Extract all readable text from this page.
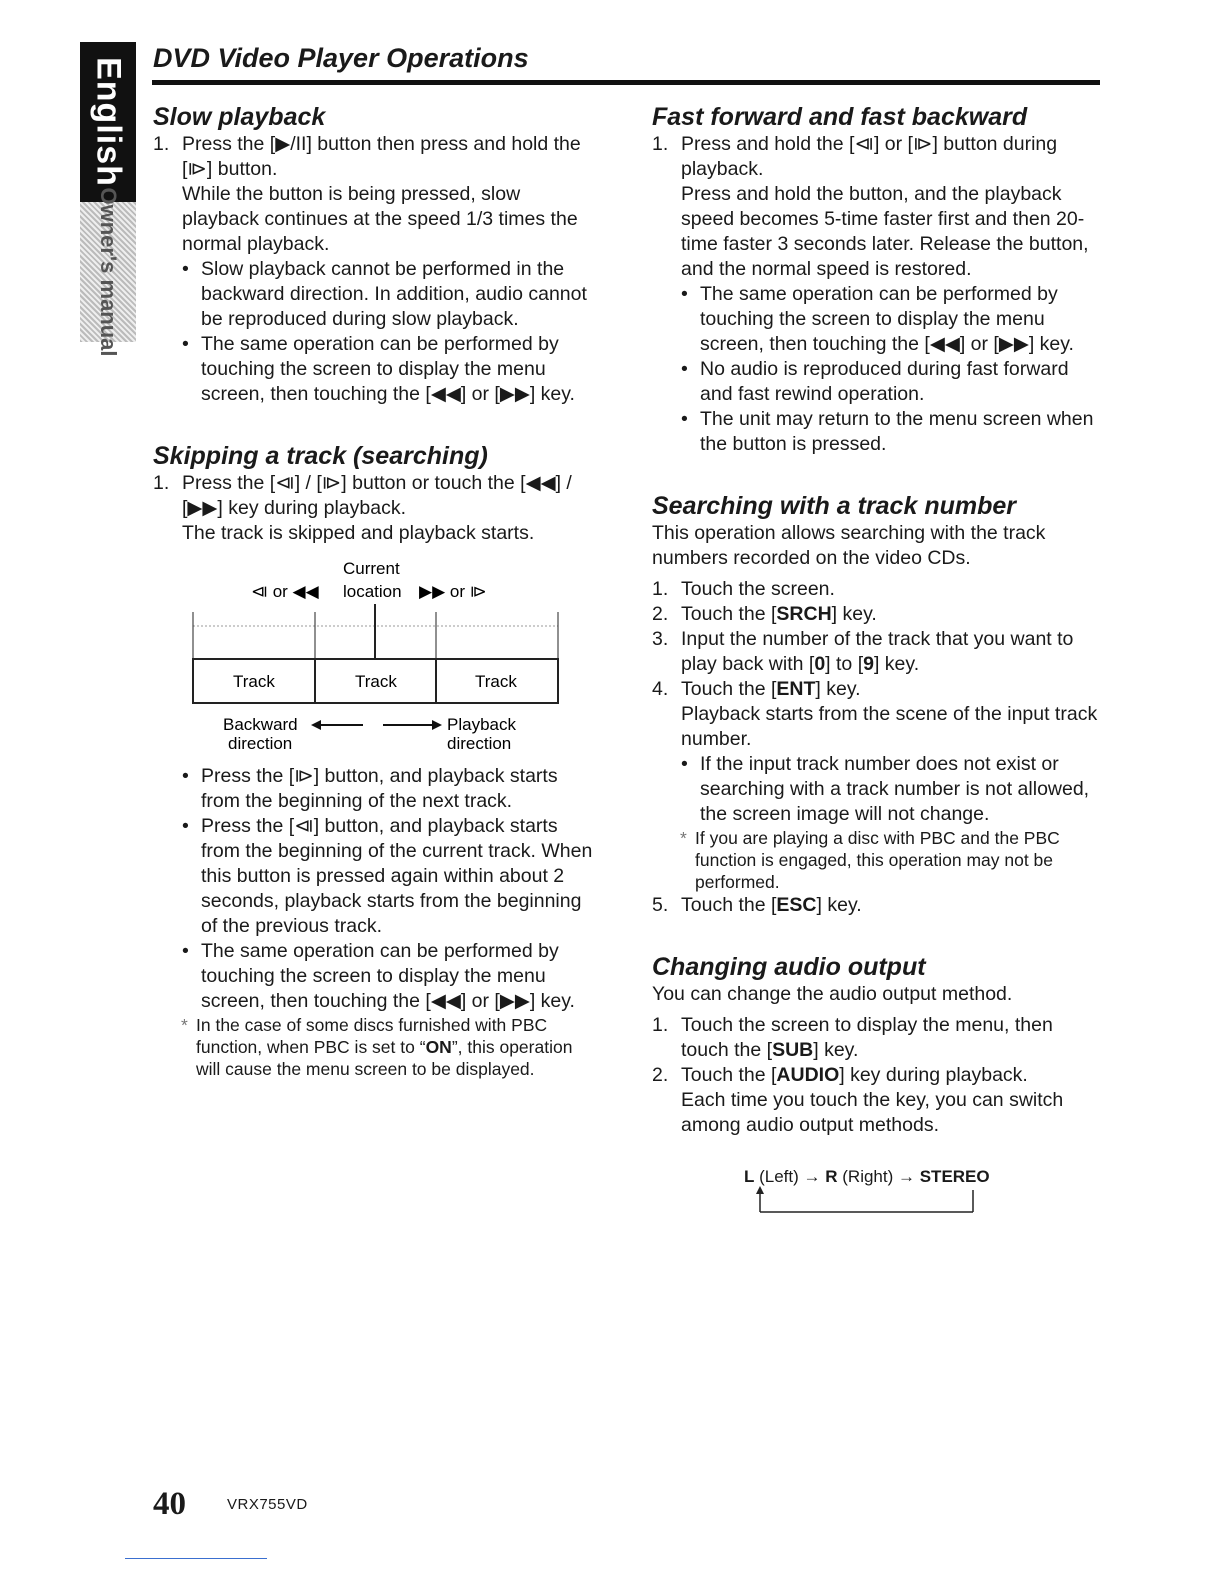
English
Owner's manual
DVD Video Player Operations

Slow playback

1. Press the [▶/II] button then press and hold the [⧐] button.

While the button is being pressed, slow playback continues at the speed 1/3 times the normal playback.

• Slow playback cannot be performed in the backward direction. In addition, audio cannot be reproduced during slow playback.

• The same operation can be performed by touching the screen to display the menu screen, then touching the [◀◀] or [▶▶] key.

Skipping a track (searching)

1. Press the [⧏] / [⧐] button or touch the [◀◀] / [▶▶] key during playback.

The track is skipped and playback starts.

Current
⧏ or ◀◀ location ▶▶ or ⧐
Track	Track	Track
Backward	Playback
direction	direction

• Press the [⧐] button, and playback starts from the beginning of the next track.

• Press the [⧏] button, and playback starts from the beginning of the current track. When this button is pressed again within about 2 seconds, playback starts from the beginning of the previous track.

• The same operation can be performed by touching the screen to display the menu screen, then touching the [◀◀] or [▶▶] key.

* In the case of some discs furnished with PBC function, when PBC is set to “ON”, this operation will cause the menu screen to be displayed.

Fast forward and fast backward

1. Press and hold the [⧏] or [⧐] button during playback.

Press and hold the button, and the playback speed becomes 5-time faster first and then 20-time faster 3 seconds later. Release the button, and the normal speed is restored.

• The same operation can be performed by touching the screen to display the menu screen, then touching the [◀◀] or [▶▶] key.

• No audio is reproduced during fast forward and fast rewind operation.

• The unit may return to the menu screen when the button is pressed.

Searching with a track number

This operation allows searching with the track numbers recorded on the video CDs.

1. Touch the screen.

2. Touch the [SRCH] key.

3. Input the number of the track that you want to play back with [0] to [9] key.

4. Touch the [ENT] key.

Playback starts from the scene of the input track number.

• If the input track number does not exist or searching with a track number is not allowed, the screen image will not change.

* If you are playing a disc with PBC and the PBC function is engaged, this operation may not be performed.

5. Touch the [ESC] key.

Changing audio output

You can change the audio output method.

1. Touch the screen to display the menu, then touch the [SUB] key.

2. Touch the [AUDIO] key during playback.

Each time you touch the key, you can switch among audio output methods.

L (Left) → R (Right) → STEREO
40	VRX755VD
